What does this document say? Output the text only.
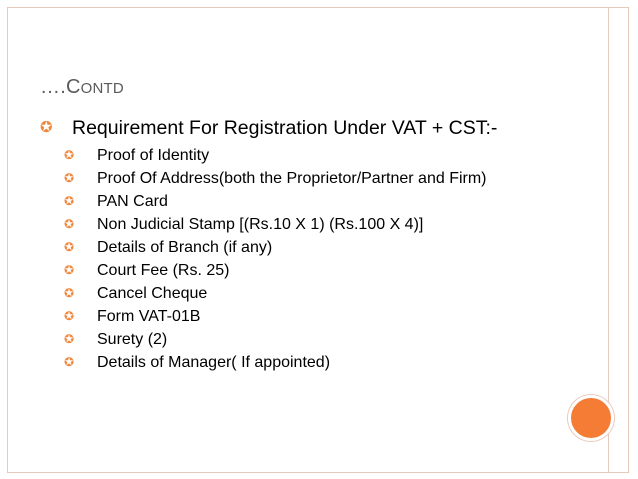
….CONTD
✪ Requirement For Registration Under VAT + CST:-
✪ Proof of Identity
✪ Proof Of Address(both the Proprietor/Partner and Firm)
✪ PAN Card
✪ Non Judicial Stamp [(Rs.10 X 1) (Rs.100 X 4)]
✪ Details of Branch (if any)
✪ Court Fee (Rs. 25)
✪ Cancel Cheque
✪ Form VAT-01B
✪ Surety (2)
✪ Details of Manager( If appointed)
